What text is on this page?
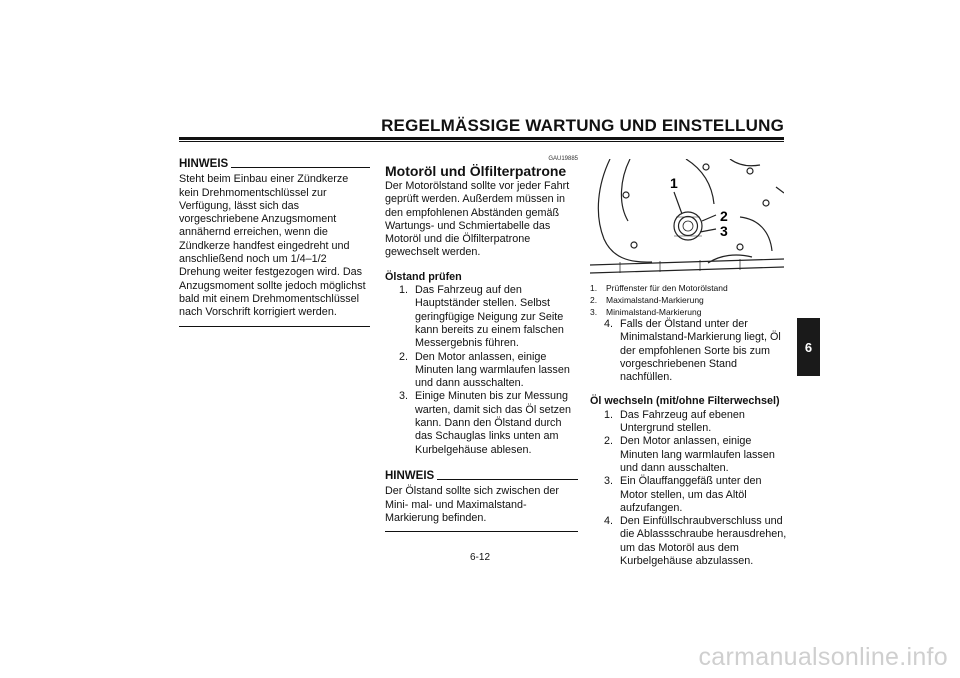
REGELMÄSSIGE WARTUNG UND EINSTELLUNG
HINWEIS

Steht beim Einbau einer Zündkerze kein Drehmomentschlüssel zur Verfügung, lässt sich das vorgeschriebene Anzugsmoment annähernd erreichen, wenn die Zündkerze handfest eingedreht und anschließend noch um 1/4–1/2 Drehung weiter festgezogen wird. Das Anzugsmoment sollte jedoch möglichst bald mit einem Drehmomentschlüssel nach Vorschrift korrigiert werden.

GAU19885
Motoröl und Ölfilterpatrone

Der Motorölstand sollte vor jeder Fahrt geprüft werden. Außerdem müssen in den empfohlenen Abständen gemäß Wartungs- und Schmiertabelle das Motoröl und die Ölfilterpatrone gewechselt werden.

Ölstand prüfen
1. Das Fahrzeug auf den Hauptständer stellen. Selbst geringfügige Neigung zur Seite kann bereits zu einem falschen Messergebnis führen.
2. Den Motor anlassen, einige Minuten lang warmlaufen lassen und dann ausschalten.
3. Einige Minuten bis zur Messung warten, damit sich das Öl setzen kann. Dann den Ölstand durch das Schauglas links unten am Kurbelgehäuse ablesen.
HINWEIS

Der Ölstand sollte sich zwischen der Mini- mal- und Maximalstand-Markierung befinden.

1
2
3
1.	Prüffenster für den Motorölstand
2.	Maximalstand-Markierung
3.	Minimalstand-Markierung
4. Falls der Ölstand unter der Minimalstand-Markierung liegt, Öl der empfohlenen Sorte bis zum vorgeschriebenen Stand nachfüllen.
Öl wechseln (mit/ohne Filterwechsel)
1. Das Fahrzeug auf ebenen Untergrund stellen.
2. Den Motor anlassen, einige Minuten lang warmlaufen lassen und dann ausschalten.
3. Ein Ölauffanggefäß unter den Motor stellen, um das Altöl aufzufangen.
4. Den Einfüllschraubverschluss und die Ablassschraube herausdrehen, um das Motoröl aus dem Kurbelgehäuse abzulassen.
6-12
6
carmanualsonline.info
